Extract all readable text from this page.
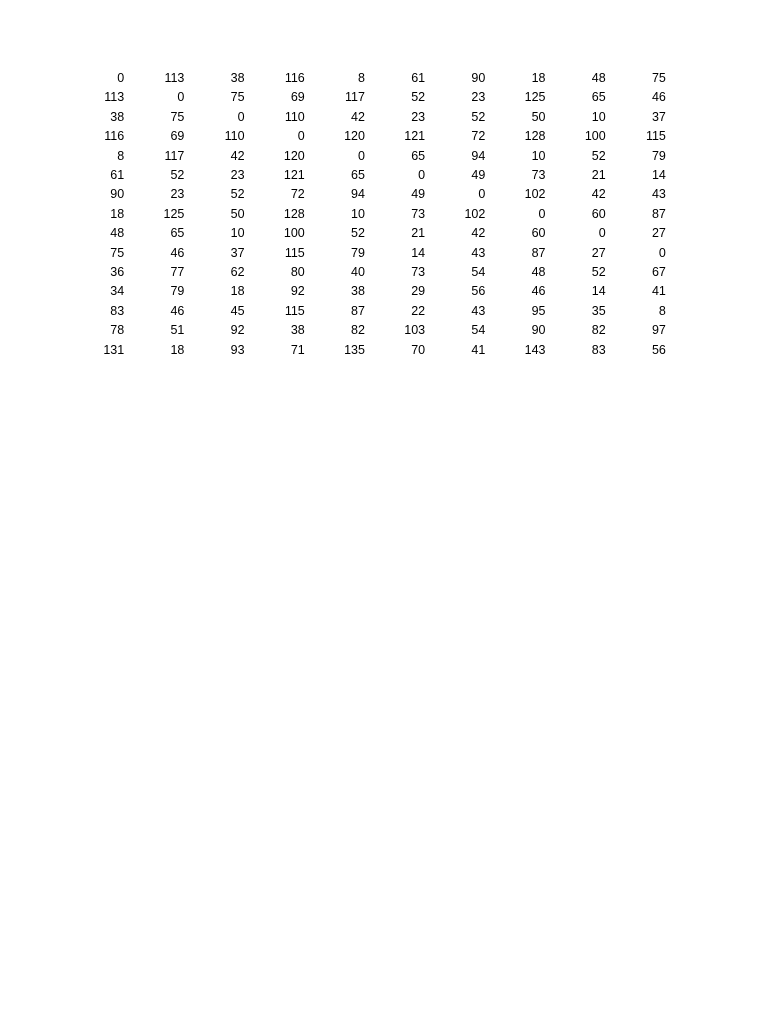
0	113	38	116	8	61	90	18	48	75
113	0	75	69	117	52	23	125	65	46
38	75	0	110	42	23	52	50	10	37
116	69	110	0	120	121	72	128	100	115
8	117	42	120	0	65	94	10	52	79
61	52	23	121	65	0	49	73	21	14
90	23	52	72	94	49	0	102	42	43
18	125	50	128	10	73	102	0	60	87
48	65	10	100	52	21	42	60	0	27
75	46	37	115	79	14	43	87	27	0
36	77	62	80	40	73	54	48	52	67
34	79	18	92	38	29	56	46	14	41
83	46	45	115	87	22	43	95	35	8
78	51	92	38	82	103	54	90	82	97
131	18	93	71	135	70	41	143	83	56
